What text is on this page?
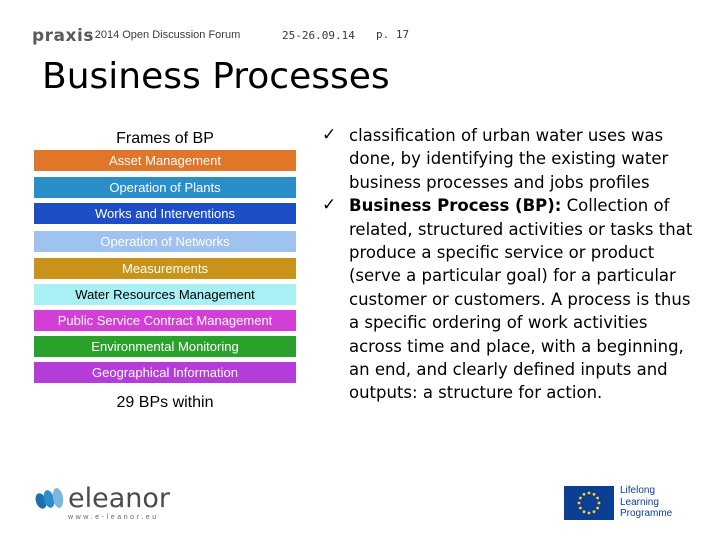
praxis
- 2014 Open Discussion Forum	25-26.09.14 p. 17
Business Processes
Frames of BP
Asset Management
Operation of Plants
Works and Interventions
Operation of Networks
Measurements
Water Resources Management
Public Service Contract Management
Environmental Monitoring
Geographical Information
29 BPs within
✓ classification of urban water uses was done, by identifying the existing water business processes and jobs profiles
✓ Business Process (BP): Collection of related, structured activities or tasks that produce a specific service or product (serve a particular goal) for a particular customer or customers. A process is thus a specific ordering of work activities across time and place, with a beginning, an end, and clearly defined inputs and outputs: a structure for action.
eleanor
www.e-leanor.eu
Lifelong
Learning
Programme
